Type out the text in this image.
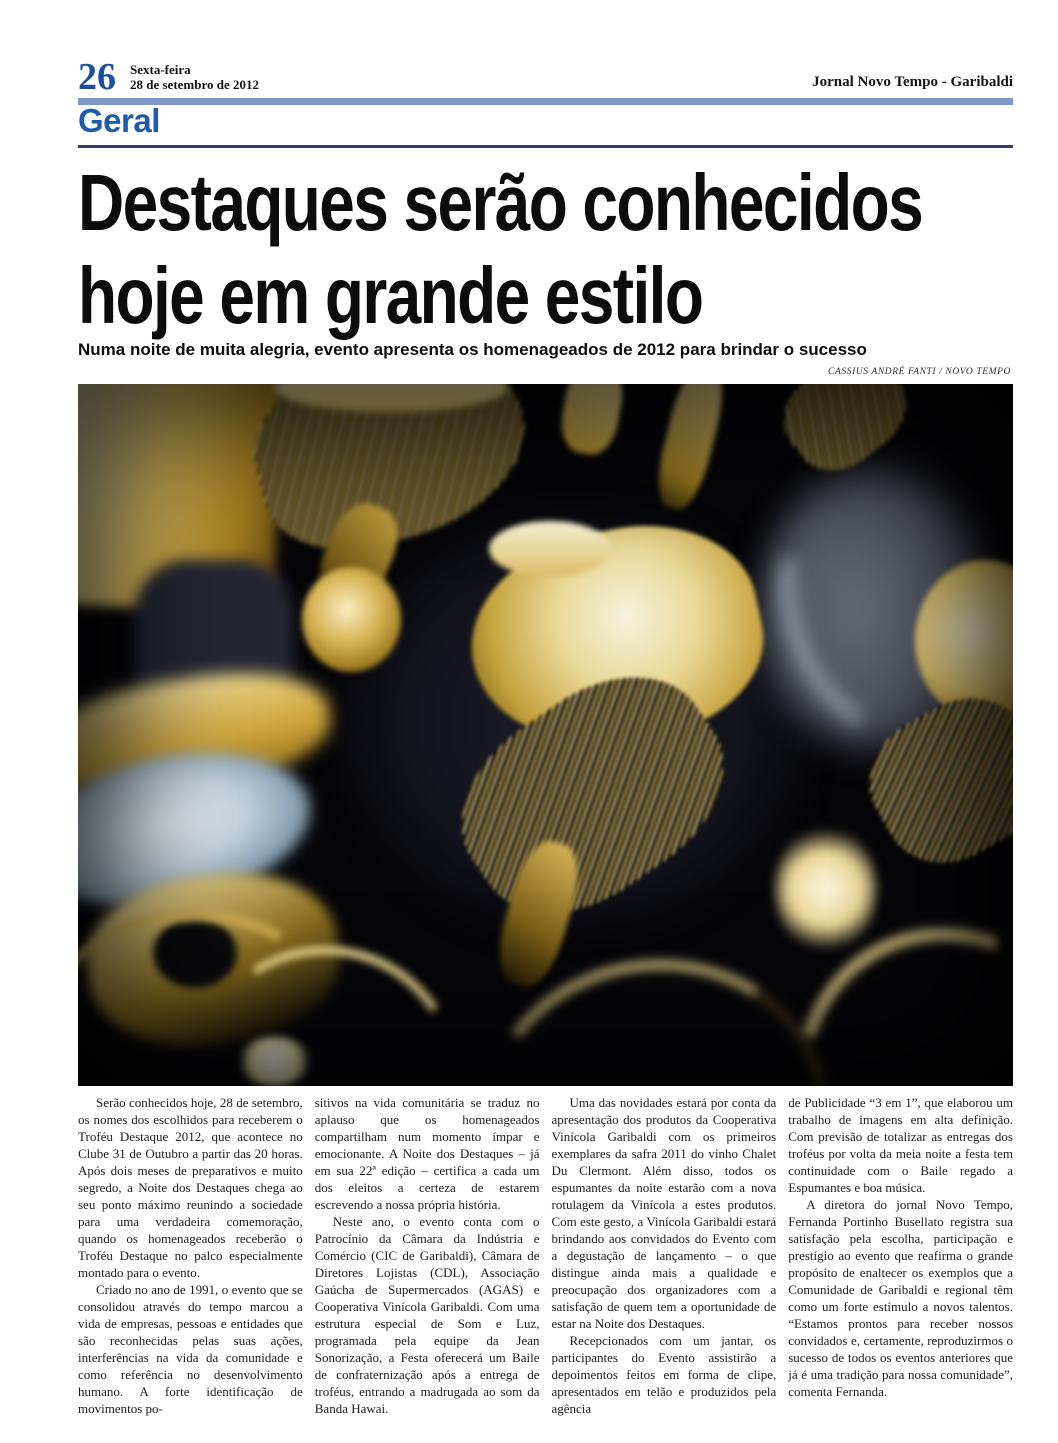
26 Sexta-feira
28 de setembro de 2012	Jornal Novo Tempo - Garibaldi
Geral
Destaques serão conhecidos
hoje em grande estilo
Numa noite de muita alegria, evento apresenta os homenageados de 2012 para brindar o sucesso
CASSIUS ANDRÉ FANTI / NOVO TEMPO

Serão conhecidos hoje, 28 de setembro, os nomes dos escolhidos para receberem o Troféu Destaque 2012, que acontece no Clube 31 de Outubro a partir das 20 horas. Após dois meses de preparativos e muito segredo, a Noite dos Destaques chega ao seu ponto máximo reunindo a sociedade para uma verdadeira comemoração, quando os homenageados receberão o Troféu Destaque no palco especialmente montado para o evento.

Criado no ano de 1991, o evento que se consolidou através do tempo marcou a vida de empresas, pessoas e entidades que são reconhecidas pelas suas ações, interferências na vida da comunidade e como referência no desenvolvimento humano. A forte identificação de movimentos po-

sitivos na vida comunitária se traduz no aplauso que os homenageados compartilham num momento ímpar e emocionante. A Noite dos Destaques – já em sua 22ª edição – certifica a cada um dos eleitos a certeza de estarem escrevendo a nossa própria história.

Neste ano, o evento conta com o Patrocínio da Câmara da Indústria e Comércio (CIC de Garibaldi), Câmara de Diretores Lojistas (CDL), Associação Gaúcha de Supermercados (AGAS) e Cooperativa Vinícola Garibaldi. Com uma estrutura especial de Som e Luz, programada pela equipe da Jean Sonorização, a Festa oferecerá um Baile de confraternização após a entrega de troféus, entrando a madrugada ao som da Banda Hawai.

Uma das novidades estará por conta da apresentação dos produtos da Cooperativa Vinícola Garibaldi com os primeiros exemplares da safra 2011 do vinho Chalet Du Clermont. Além disso, todos os espumantes da noite estarão com a nova rotulagem da Vinícola a estes produtos. Com este gesto, a Vinícola Garibaldi estará brindando aos convidados do Evento com a degustação de lançamento – o que distingue ainda mais a qualidade e preocupação dos organizadores com a satisfação de quem tem a oportunidade de estar na Noite dos Destaques.

Recepcionados com um jantar, os participantes do Evento assistirão a depoimentos feitos em forma de clipe, apresentados em telão e produzidos pela agência

de Publicidade “3 em 1”, que elaborou um trabalho de imagens em alta definição. Com previsão de totalizar as entregas dos troféus por volta da meia noite a festa tem continuidade com o Baile regado a Espumantes e boa música.

A diretora do jornal Novo Tempo, Fernanda Portinho Busellato registra sua satisfação pela escolha, participação e prestígio ao evento que reafirma o grande propósito de enaltecer os exemplos que a Comunidade de Garibaldi e regional têm como um forte estímulo a novos talentos. “Estamos prontos para receber nossos convidados e, certamente, reproduzirmos o sucesso de todos os eventos anteriores que já é uma tradição para nossa comunidade”, comenta Fernanda.
